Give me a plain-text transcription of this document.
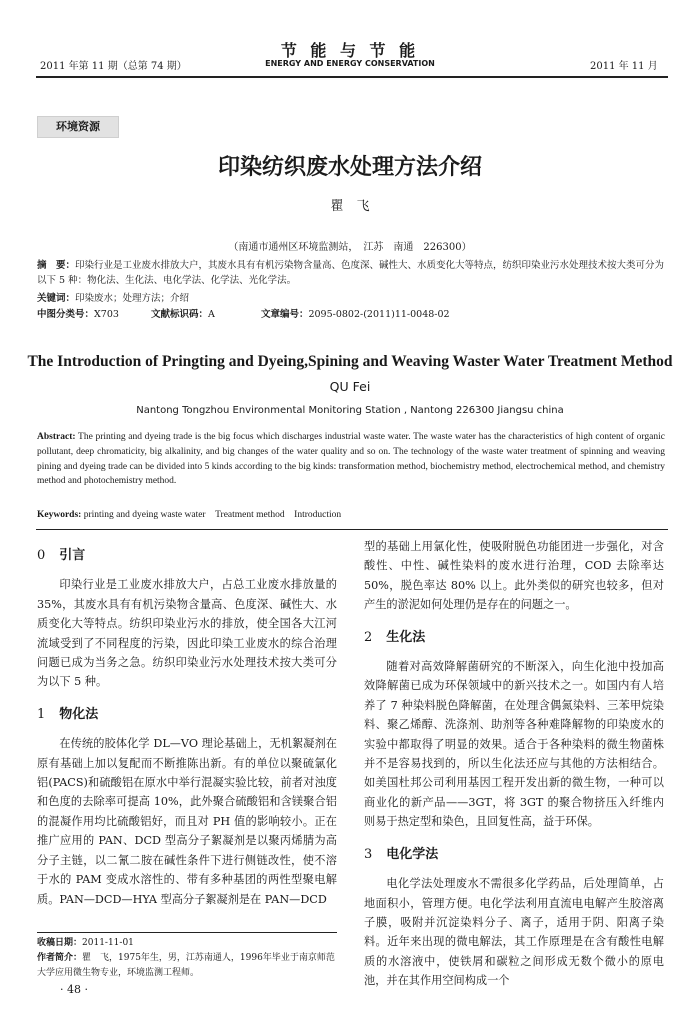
2011 年第 11 期（总第 74 期）
节 能 与 节 能
ENERGY AND ENERGY CONSERVATION	2011 年 11 月
环境资源
印染纺织废水处理方法介绍
瞿　飞
（南通市通州区环境监测站，　江苏　南通　226300）
摘　要：印染行业是工业废水排放大户，其废水具有有机污染物含量高、色度深、碱性大、水质变化大等特点，纺织印染业污水处理技术按大类可分为以下 5 种：物化法、生化法、电化学法、化学法、光化学法。
关键词：印染废水；处理方法；介绍
中图分类号：X703	文献标识码：A	文章编号：2095-0802-(2011)11-0048-02
The Introduction of Pringting and Dyeing,Spining and Weaving Waster Water Treatment Method
QU Fei
Nantong Tongzhou Environmental Monitoring Station , Nantong 226300 Jiangsu china
Abstract: The printing and dyeing trade is the big focus which discharges industrial waste water. The waste water has the characteristics of high content of organic pollutant, deep chromaticity, big alkalinity, and big changes of the water quality and so on. The technology of the waste water treatment of spinning and weaving pining and dyeing trade can be divided into 5 kinds according to the big kinds: transformation method, biochemistry method, electrochemical method, and chemistry method and photochemistry method.
Keywords: printing and dyeing waste water　Treatment method　Introduction
0 引言
印染行业是工业废水排放大户，占总工业废水排放量的 35%，其废水具有有机污染物含量高、色度深、碱性大、水质变化大等特点。纺织印染业污水的排放，使全国各大江河流域受到了不同程度的污染，因此印染工业废水的综合治理问题已成为当务之急。纺织印染业污水处理技术按大类可分为以下 5 种。
1 物化法
在传统的胶体化学 DL—VO 理论基础上，无机絮凝剂在原有基础上加以复配而不断推陈出新。有的单位以聚硫氯化铝(PACS)和硫酸铝在原水中举行混凝实验比较，前者对浊度和色度的去除率可提高 10%，此外聚合硫酸铝和含镁聚合铝的混凝作用均比硫酸铝好，而且对 PH 值的影响较小。正在推广应用的 PAN、DCD 型高分子絮凝剂是以聚丙烯腈为高分子主链，以二氰二胺在碱性条件下进行侧链改性，使不溶于水的 PAM 变成水溶性的、带有多种基团的两性型聚电解质。PAN—DCD—HYA 型高分子絮凝剂是在 PAN—DCD
型的基础上用氯化性，使吸附脱色功能团进一步强化，对含酸性、中性、碱性染料的废水进行治理，COD 去除率达 50%，脱色率达 80% 以上。此外类似的研究也较多，但对产生的淤泥如何处理仍是存在的问题之一。
2 生化法
随着对高效降解菌研究的不断深入，向生化池中投加高效降解菌已成为环保领域中的新兴技术之一。如国内有人培养了 7 种染料脱色降解菌，在处理含偶氮染料、三苯甲烷染料、聚乙烯醇、洗涤剂、助剂等各种难降解物的印染废水的实验中都取得了明显的效果。适合于各种染料的微生物菌株并不是容易找到的，所以生化法还应与其他的方法相结合。如美国杜邦公司利用基因工程开发出新的微生物，一种可以商业化的新产品——3GT，将 3GT 的聚合物挤压入纤维内则易于热定型和染色，且回复性高，益于环保。
3 电化学法
电化学法处理废水不需很多化学药品，后处理简单，占地面积小，管理方便。电化学法利用直流电电解产生胶溶离子膜，吸附并沉淀染料分子、离子，适用于阴、阳离子染料。近年来出现的微电解法，其工作原理是在含有酸性电解质的水溶液中，使铁屑和碳粒之间形成无数个微小的原电池，并在其作用空间构成一个
收稿日期：2011-11-01
作者简介：瞿　飞，1975年生，男，江苏南通人，1996年毕业于南京师范大学应用微生物专业，环境监测工程师。
· 48 ·
